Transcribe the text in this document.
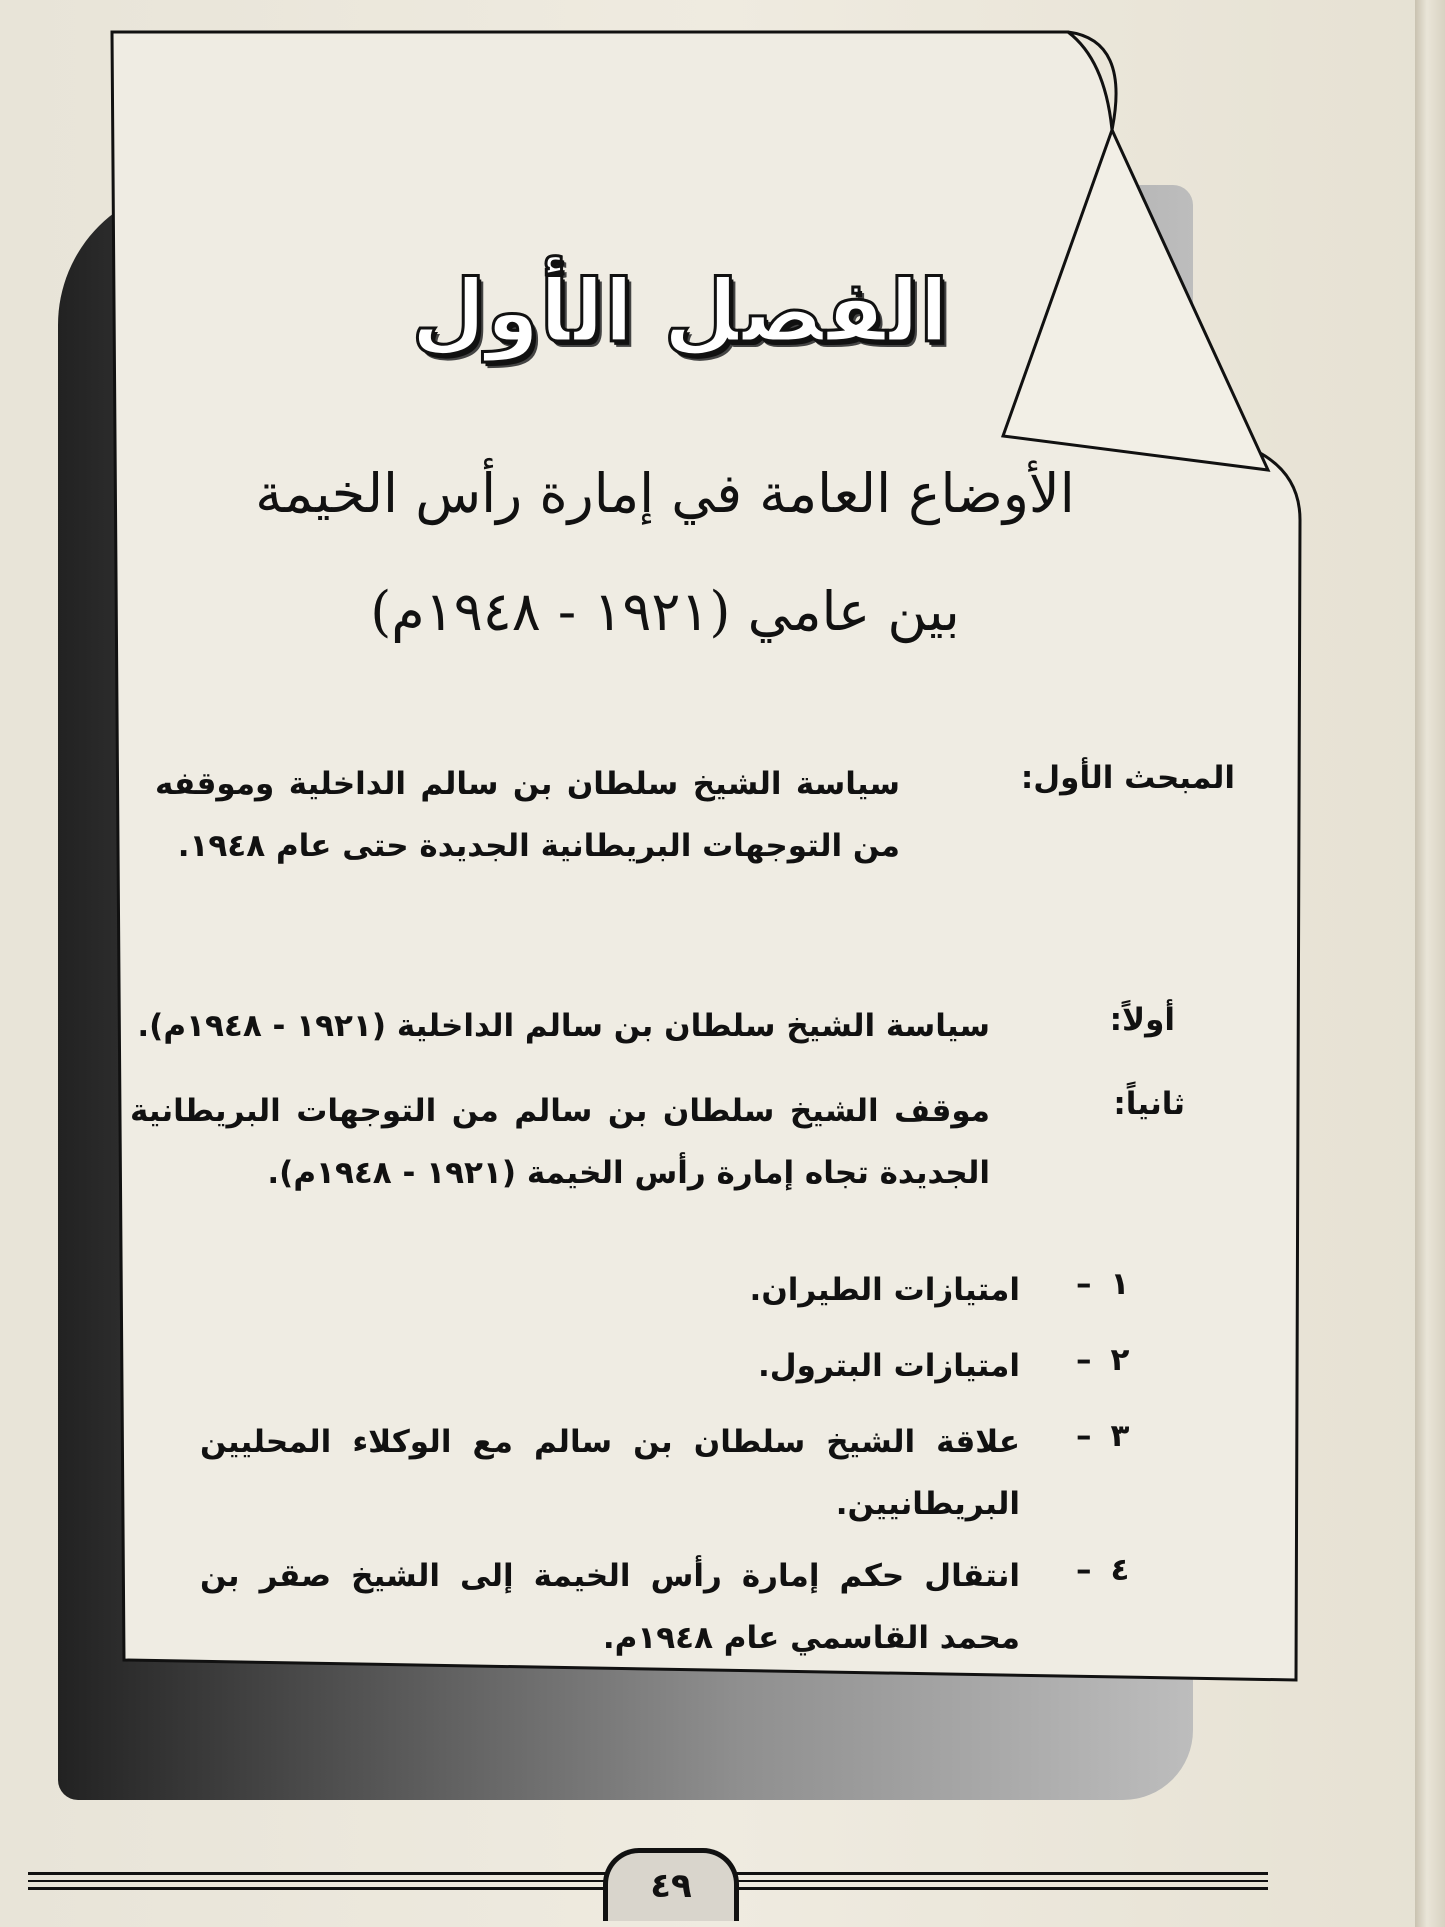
الفصل الأول
الأوضاع العامة في إمارة رأس الخيمة
بين عامي (١٩٢١ - ١٩٤٨م)
المبحث الأول:
سياسة الشيخ سلطان بن سالم الداخلية وموقفه من التوجهات البريطانية الجديدة حتى عام ١٩٤٨.
أولاً:
سياسة الشيخ سلطان بن سالم الداخلية (١٩٢١ - ١٩٤٨م).
ثانياً:
موقف الشيخ سلطان بن سالم من التوجهات البريطانية الجديدة تجاه إمارة رأس الخيمة (١٩٢١ - ١٩٤٨م).
١
–
امتيازات الطيران.
٢
–
امتيازات البترول.
٣
–
علاقة الشيخ سلطان بن سالم مع الوكلاء المحليين البريطانيين.
٤
–
انتقال حكم إمارة رأس الخيمة إلى الشيخ صقر بن محمد القاسمي عام ١٩٤٨م.
٤٩
